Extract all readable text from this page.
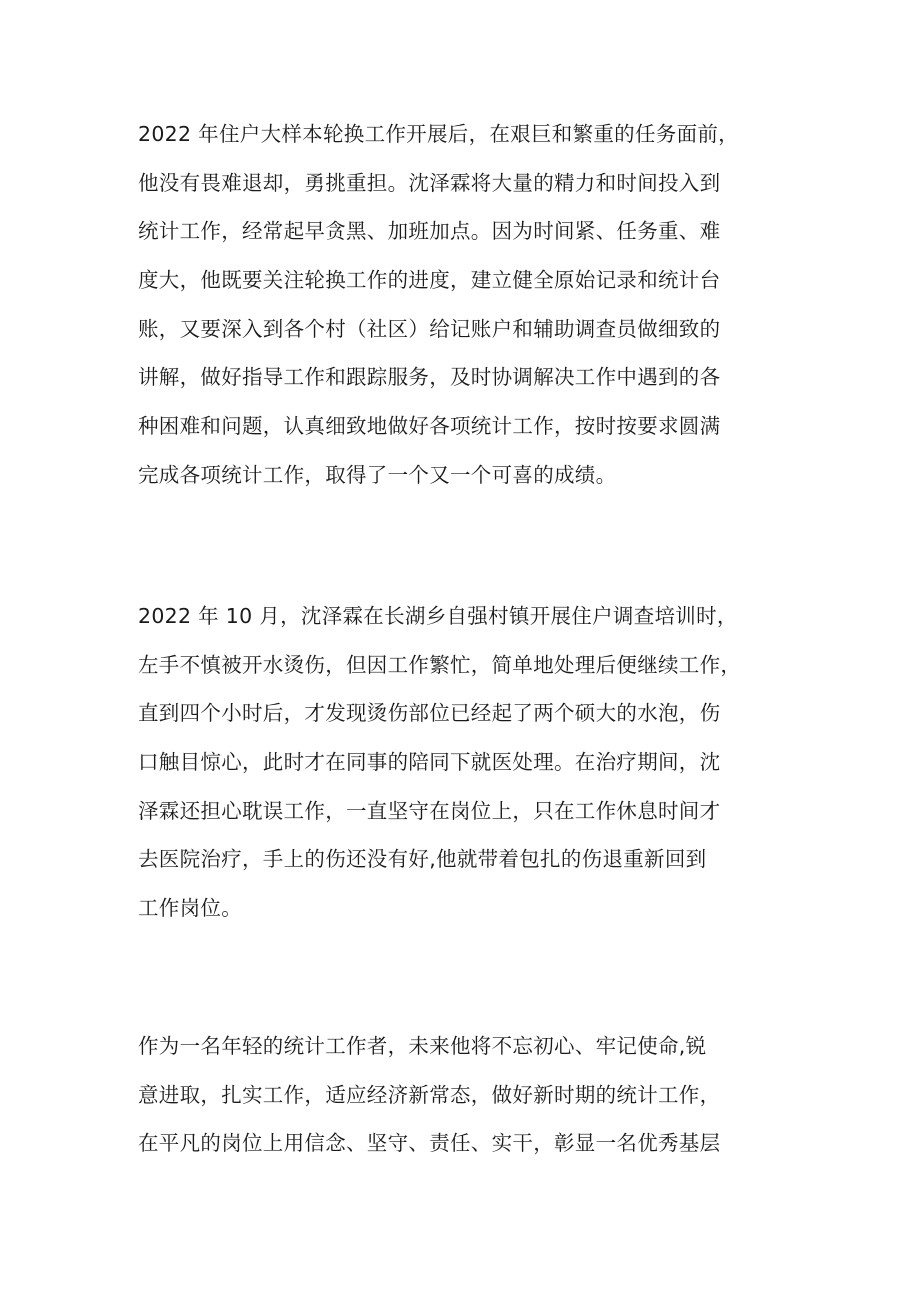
2022 年住户大样本轮换工作开展后，在艰巨和繁重的任务面前，
他没有畏难退却，勇挑重担。沈泽霖将大量的精力和时间投入到
统计工作，经常起早贪黑、加班加点。因为时间紧、任务重、难
度大，他既要关注轮换工作的进度，建立健全原始记录和统计台
账，又要深入到各个村（社区）给记账户和辅助调查员做细致的
讲解，做好指导工作和跟踪服务，及时协调解决工作中遇到的各
种困难和问题，认真细致地做好各项统计工作，按时按要求圆满
完成各项统计工作，取得了一个又一个可喜的成绩。
2022 年 10 月，沈泽霖在长湖乡自强村镇开展住户调查培训时，
左手不慎被开水烫伤，但因工作繁忙，简单地处理后便继续工作，
直到四个小时后，才发现烫伤部位已经起了两个硕大的水泡，伤
口触目惊心，此时才在同事的陪同下就医处理。在治疗期间，沈
泽霖还担心耽误工作，一直坚守在岗位上，只在工作休息时间才
去医院治疗，手上的伤还没有好,他就带着包扎的伤退重新回到
工作岗位。
作为一名年轻的统计工作者，未来他将不忘初心、牢记使命,锐
意进取，扎实工作，适应经济新常态，做好新时期的统计工作，
在平凡的岗位上用信念、坚守、责任、实干，彰显一名优秀基层
